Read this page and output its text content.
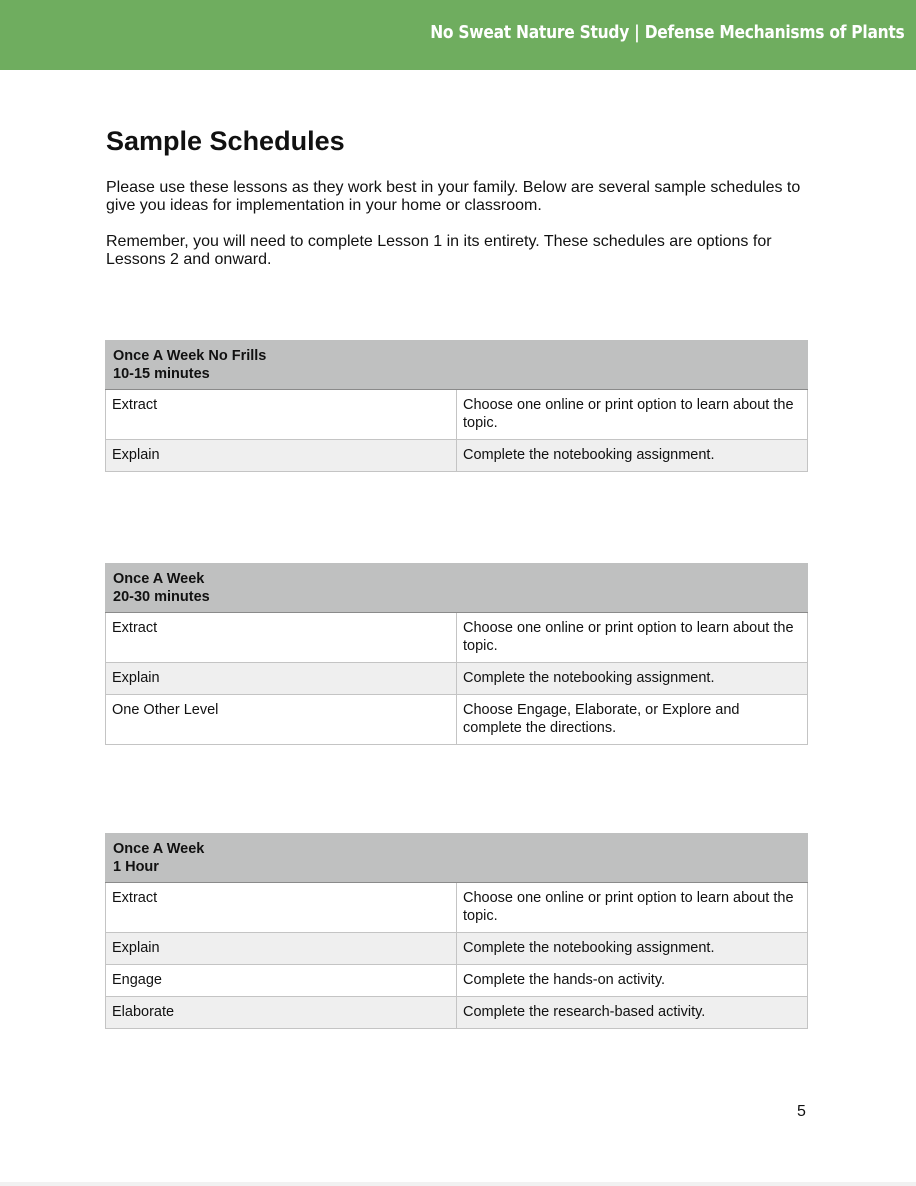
No Sweat Nature Study | Defense Mechanisms of Plants
Sample Schedules

Please use these lessons as they work best in your family. Below are several sample schedules to give you ideas for implementation in your home or classroom.

Remember, you will need to complete Lesson 1 in its entirety. These schedules are options for Lessons 2 and onward.

Once A Week No Frills
10-15 minutes	

Extract	Choose one online or print option to learn about the topic.
Explain	Complete the notebooking assignment.
Once A Week
20-30 minutes	

Extract	Choose one online or print option to learn about the topic.
Explain	Complete the notebooking assignment.
One Other Level	Choose Engage, Elaborate, or Explore and complete the directions.
Once A Week
1 Hour	

Extract	Choose one online or print option to learn about the topic.
Explain	Complete the notebooking assignment.
Engage	Complete the hands-on activity.
Elaborate	Complete the research-based activity.
5
